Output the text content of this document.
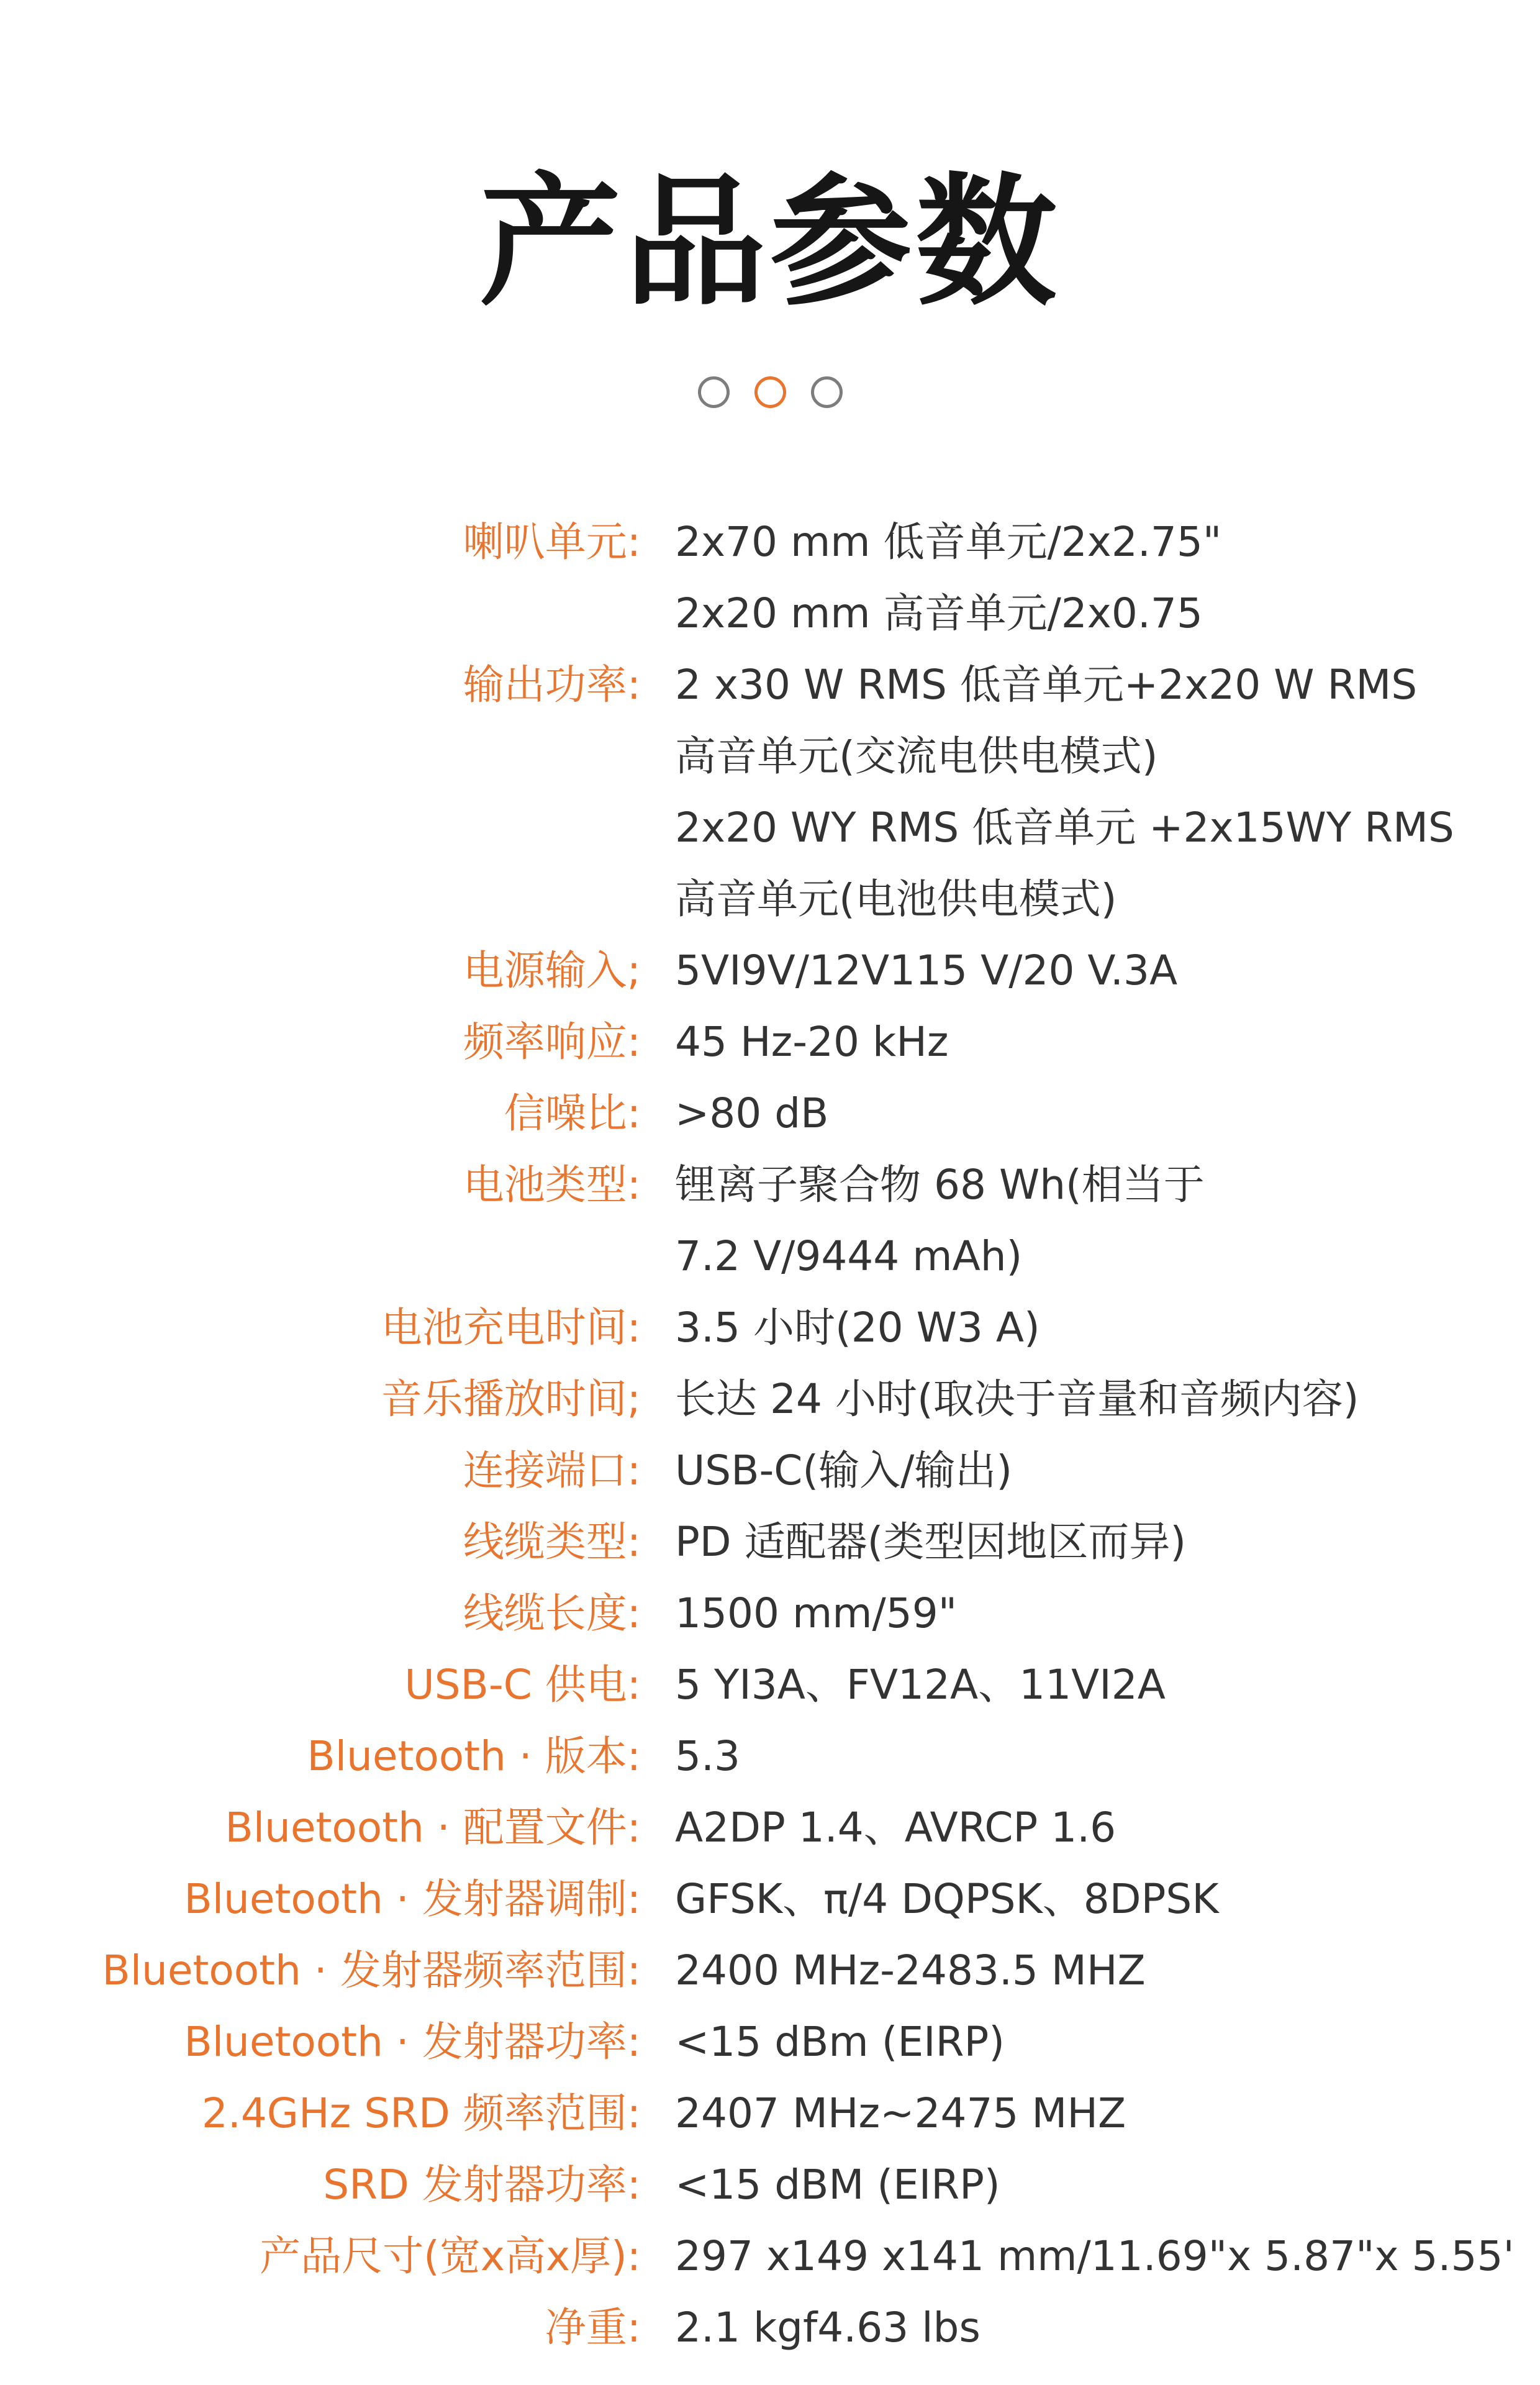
产品参数
喇叭单元: 2x70 mm 低音单元/2x2.75"
2x20 mm 高音单元/2x0.75
输出功率: 2 x30 W RMS 低音单元+2x20 W RMS
高音单元(交流电供电模式)
2x20 WY RMS 低音单元 +2x15WY RMS
高音单元(电池供电模式)
电源输入; 5VI9V/12V115 V/20 V.3A
频率响应: 45 Hz-20 kHz
信噪比: >80 dB
电池类型: 锂离子聚合物 68 Wh(相当于
7.2 V/9444 mAh)
电池充电时间: 3.5 小时(20 W3 A)
音乐播放时间; 长达 24 小时(取决于音量和音频内容)
连接端口: USB-C(输入/输出)
线缆类型: PD 适配器(类型因地区而异)
线缆长度: 1500 mm/59"
USB-C 供电: 5 YI3A、FV12A、11VI2A
Bluetooth · 版本: 5.3
Bluetooth · 配置文件: A2DP 1.4、AVRCP 1.6
Bluetooth · 发射器调制: GFSK、π/4 DQPSK、8DPSK
Bluetooth · 发射器频率范围: 2400 MHz-2483.5 MHZ
Bluetooth · 发射器功率: <15 dBm (EIRP)
2.4GHz SRD 频率范围: 2407 MHz~2475 MHZ
SRD 发射器功率: <15 dBM (EIRP)
产品尺寸(宽x高x厚): 297 x149 x141 mm/11.69"x 5.87"x 5.55'
净重: 2.1 kgf4.63 lbs
